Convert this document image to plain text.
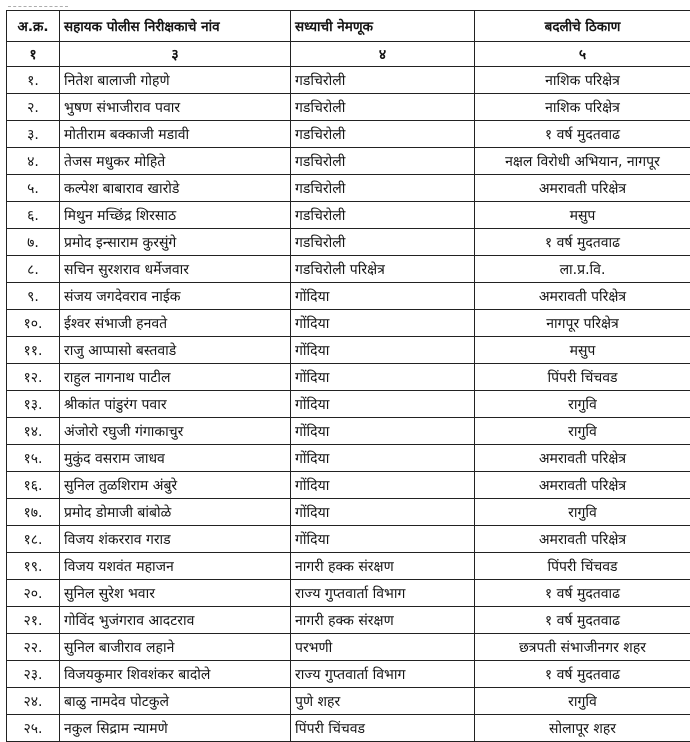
अ.क्र.	सहायक पोलीस निरीक्षकाचे नांव	सध्याची नेमणूक	बदलीचे ठिकाण
१	३	४	५
१.	नितेश बालाजी गोहणे	गडचिरोली	नाशिक परिक्षेत्र
२.	भुषण संभाजीराव पवार	गडचिरोली	नाशिक परिक्षेत्र
३.	मोतीराम बक्काजी मडावी	गडचिरोली	१ वर्ष मुदतवाढ
४.	तेजस मधुकर मोहिते	गडचिरोली	नक्षल विरोधी अभियान, नागपूर
५.	कल्पेश बाबाराव खारोडे	गडचिरोली	अमरावती परिक्षेत्र
६.	मिथुन मच्छिंद्र शिरसाठ	गडचिरोली	मसुप
७.	प्रमोद इन्साराम कुरसुंगे	गडचिरोली	१ वर्ष मुदतवाढ
८.	सचिन सुरशराव धर्मेजवार	गडचिरोली परिक्षेत्र	ला.प्र.वि.
९.	संजय जगदेवराव नाईक	गोंदिया	अमरावती परिक्षेत्र
१०.	ईश्वर संभाजी हनवते	गोंदिया	नागपूर परिक्षेत्र
११.	राजु आप्पासो बस्तवाडे	गोंदिया	मसुप
१२.	राहुल नागनाथ पाटील	गोंदिया	पिंपरी चिंचवड
१३.	श्रीकांत पांडुरंग पवार	गोंदिया	रागुवि
१४.	अंजोरो रघुजी गंगाकाचुर	गोंदिया	रागुवि
१५.	मुकुंद वसराम जाधव	गोंदिया	अमरावती परिक्षेत्र
१६.	सुनिल तुळशिराम अंबुरे	गोंदिया	अमरावती परिक्षेत्र
१७.	प्रमोद डोमाजी बांबोळे	गोंदिया	रागुवि
१८.	विजय शंकरराव गराड	गोंदिया	अमरावती परिक्षेत्र
१९.	विजय यशवंत महाजन	नागरी हक्क संरक्षण	पिंपरी चिंचवड
२०.	सुनिल सुरेश भवार	राज्य गुप्तवार्ता विभाग	१ वर्ष मुदतवाढ
२१.	गोविंद भुजंगराव आदटराव	नागरी हक्क संरक्षण	१ वर्ष मुदतवाढ
२२.	सुनिल बाजीराव लहाने	परभणी	छत्रपती संभाजीनगर शहर
२३.	विजयकुमार शिवशंकर बादोले	राज्य गुप्तवार्ता विभाग	१ वर्ष मुदतवाढ
२४.	बाळु नामदेव पोटकुले	पुणे शहर	रागुवि
२५.	नकुल सिद्राम न्यामणे	पिंपरी चिंचवड	सोलापूर शहर
